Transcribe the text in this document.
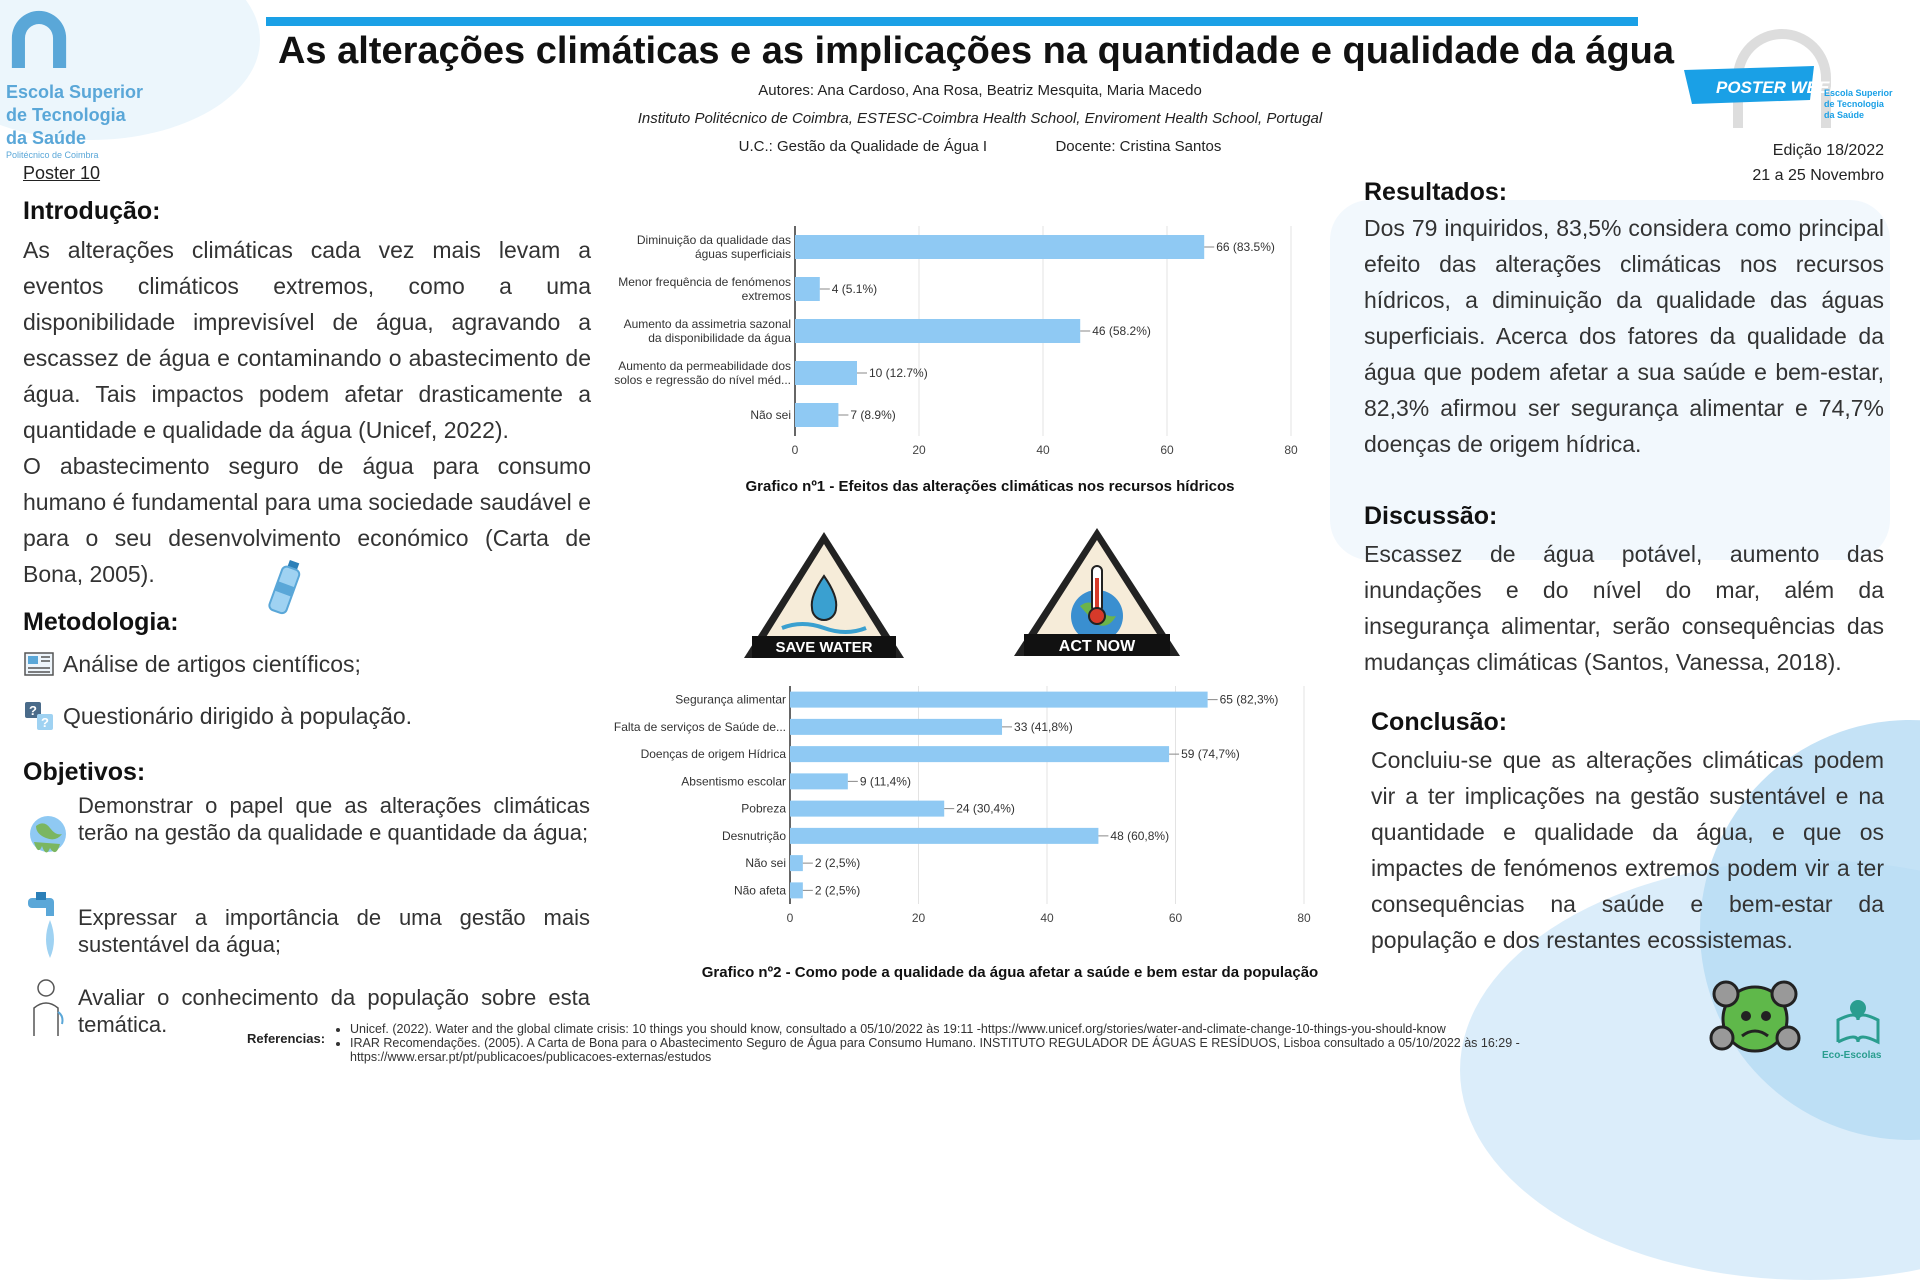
Escola Superior
de Tecnologia
da Saúde
Politécnico de Coimbra
As alterações climáticas e as implicações na quantidade e qualidade da água
Autores: Ana Cardoso, Ana Rosa, Beatriz Mesquita, Maria Macedo
Instituto Politécnico de Coimbra, ESTESC-Coimbra Health School, Enviroment Health School, Portugal
U.C.: Gestão da Qualidade de Água I	Docente: Cristina Santos
POSTER WEEK
Escola Superior
de Tecnologia
da Saúde
Edição 18/2022
21 a 25 Novembro
Poster 10
Introdução:

As alterações climáticas cada vez mais levam a eventos climáticos extremos, como a uma disponibilidade imprevisível de água, agravando a escassez de água e contaminando o abastecimento de água. Tais impactos podem afetar drasticamente a quantidade e qualidade da água (Unicef, 2022).

O abastecimento seguro de água para consumo humano é fundamental para uma sociedade saudável e para o seu desenvolvimento económico (Carta de Bona, 2005).

Metodologia:
Análise de artigos científicos;
?
? Questionário dirigido à população.
Objetivos:
Demonstrar o papel que as alterações climáticas terão na gestão da qualidade e quantidade da água;
Expressar a importância de uma gestão mais sustentável da água;
Avaliar o conhecimento da população sobre esta temática.
0	20	40	60	80
Diminuição da qualidade das águas superficiais	66 (83.5%)
Menor frequência de fenómenos extremos	4 (5.1%)
Aumento da assimetria sazonal da disponibilidade da água	46 (58.2%)
Aumento da permeabilidade dos solos e regressão do nível méd...	10 (12.7%)
Não sei	7 (8.9%)
Grafico nº1 - Efeitos das alterações climáticas nos recursos hídricos
SAVE WATER	ACT NOW
0	20	40	60	80
Segurança alimentar	65 (82,3%)
Falta de serviços de Saúde de...	33 (41,8%)
Doenças de origem Hídrica	59 (74,7%)
Absentismo escolar	9 (11,4%)
Pobreza	24 (30,4%)
Desnutrição	48 (60,8%)
Não sei 2 (2,5%)
Não afeta 2 (2,5%)
Grafico nº2 - Como pode a qualidade da água afetar a saúde e bem estar da população
Resultados:
Dos 79 inquiridos, 83,5% considera como principal efeito das alterações climáticas nos recursos hídricos, a diminuição da qualidade das águas superficiais. Acerca dos fatores da qualidade da água que podem afetar a sua saúde e bem-estar, 82,3% afirmou ser segurança alimentar e 74,7% doenças de origem hídrica.
Discussão:
Escassez de água potável, aumento das inundações e do nível do mar, além da insegurança alimentar, serão consequências das mudanças climáticas (Santos, Vanessa, 2018).
Conclusão:
Concluiu-se que as alterações climáticas podem vir a ter implicações na gestão sustentável e na quantidade e qualidade da água, e que os impactes de fenómenos extremos podem vir a ter consequências na saúde e bem-estar da população e dos restantes ecossistemas.
Eco-Escolas
Referencias:
• Unicef. (2022). Water and the global climate crisis: 10 things you should know, consultado a 05/10/2022 às 19:11 -https://www.unicef.org/stories/water-and-climate-change-10-things-you-should-know
• IRAR Recomendações. (2005). A Carta de Bona para o Abastecimento Seguro de Água para Consumo Humano. INSTITUTO REGULADOR DE ÁGUAS E RESÍDUOS, Lisboa consultado a 05/10/2022 às 16:29 -https://www.ersar.pt/pt/publicacoes/publicacoes-externas/estudos
